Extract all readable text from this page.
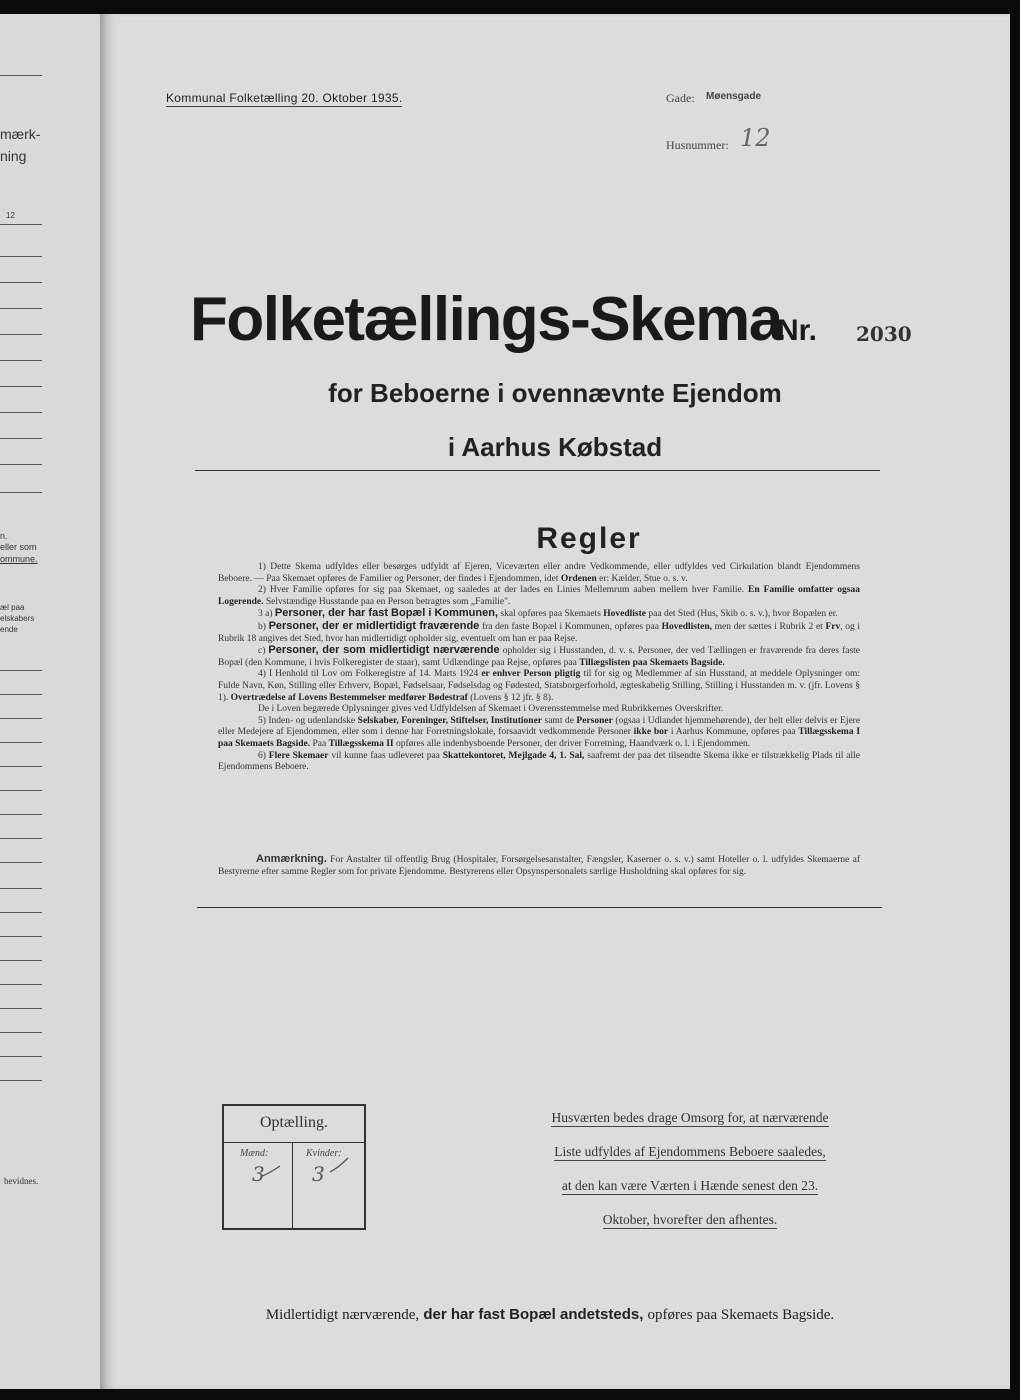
mærk-
ning
12
n.
eller som
ommune.
æl paa
elskabers
ende
bevidnes.
Kommunal Folketælling 20. Oktober 1935.	Gade: Møensgade
Husnummer: 12
Folketællings-Skema
Nr. 2030
for Beboerne i ovennævnte Ejendom
i Aarhus Købstad
Regler

1) Dette Skema udfyldes eller besørges udfyldt af Ejeren, Viceværten eller andre Vedkommende, eller udfyldes ved Cirkulation blandt Ejendommens Beboere. — Paa Skemaet opføres de Familier og Personer, der findes i Ejendommen, idet Ordenen er: Kælder, Stue o. s. v.

2) Hver Familie opføres for sig paa Skemaet, og saaledes at der lades en Linies Mellemrum aaben mellem hver Familie. En Familie omfatter ogsaa Logerende. Selvstændige Husstande paa en Person betragtes som „Familie".

3 a) Personer, der har fast Bopæl i Kommunen, skal opføres paa Skemaets Hovedliste paa det Sted (Hus, Skib o. s. v.), hvor Bopælen er.

b) Personer, der er midlertidigt fraværende fra den faste Bopæl i Kommunen, opføres paa Hovedlisten, men der sættes i Rubrik 2 et Frv, og i Rubrik 18 angives det Sted, hvor han midlertidigt opholder sig, eventuelt om han er paa Rejse.

c) Personer, der som midlertidigt nærværende opholder sig i Husstanden, d. v. s. Personer, der ved Tællingen er fraværende fra deres faste Bopæl (den Kommune, i hvis Folkeregister de staar), samt Udlændinge paa Rejse, opføres paa Tillægslisten paa Skemaets Bagside.

4) I Henhold til Lov om Folkeregistre af 14. Marts 1924 er enhver Person pligtig til for sig og Medlemmer af sin Husstand, at meddele Oplysninger om: Fulde Navn, Køn, Stilling eller Erhverv, Bopæl, Fødselsaar, Fødselsdag og Fødested, Statsborgerforhold, ægteskabelig Stilling, Stilling i Husstanden m. v. (jfr. Lovens § 1). Overtrædelse af Lovens Bestemmelser medfører Bødestraf (Lovens § 12 jfr. § 8).

De i Loven begærede Oplysninger gives ved Udfyldelsen af Skemaet i Overensstemmelse med Rubrikkernes Overskrifter.

5) Inden- og udenlandske Selskaber, Foreninger, Stiftelser, Institutioner samt de Personer (ogsaa i Udlandet hjemmehørende), der helt eller delvis er Ejere eller Medejere af Ejendommen, eller som i denne har Forretningslokale, forsaavidt vedkommende Personer ikke bor i Aarhus Kommune, opføres paa Tillægsskema I paa Skemaets Bagside. Paa Tillægsskema II opføres alle indenbysboende Personer, der driver Forretning, Haandværk o. l. i Ejendommen.

6) Flere Skemaer vil kunne faas udleveret paa Skattekontoret, Mejlgade 4, 1. Sal, saafremt der paa det tilsendte Skema ikke er tilstrækkelig Plads til alle Ejendommens Beboere.

Anmærkning. For Anstalter til offentlig Brug (Hospitaler, Forsørgelsesanstalter, Fængsler, Kaserner o. s. v.) samt Hoteller o. l. udfyldes Skemaerne af Bestyrerne efter samme Regler som for private Ejendomme. Bestyrerens eller Opsynspersonalets særlige Husholdning skal opføres for sig.
Optælling.
Mænd:	Kvinder:
3 3
Husværten bedes drage Omsorg for, at nærværende
Liste udfyldes af Ejendommens Beboere saaledes,
at den kan være Værten i Hænde senest den 23.
Oktober, hvorefter den afhentes.
Midlertidigt nærværende, der har fast Bopæl andetsteds, opføres paa Skemaets Bagside.
